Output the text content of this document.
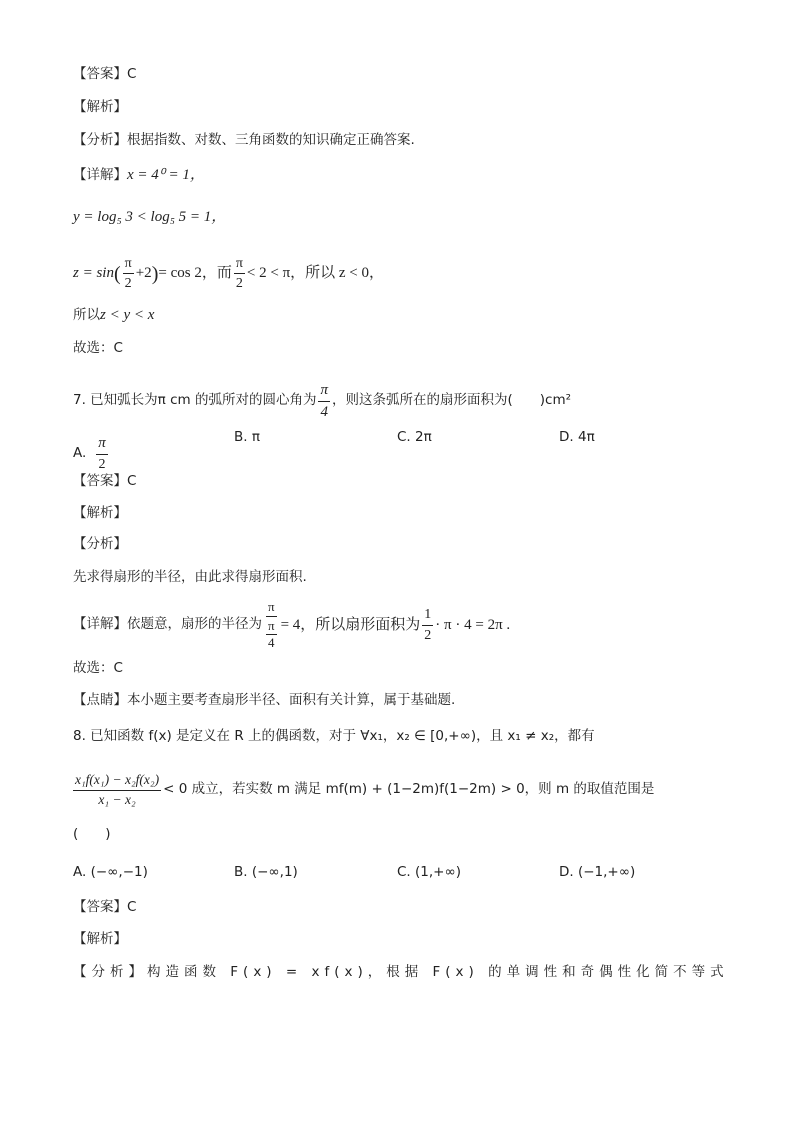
【答案】C
【解析】
【分析】根据指数、对数、三角函数的知识确定正确答案.
【详解】 x = 4⁰ = 1，
y = log₅ 3 < log₅ 5 = 1，
z = sin ( $\frac{\pi}{2} +2$ ) = cos 2，而 $\frac{\pi}{2} < 2 < \pi$，所以 z < 0，
所以 z < y < x
故选：C
7. 已知弧长为 π cm 的弧所对的圆心角为 $\frac{\pi}{4}$ ，则这条弧所在的扇形面积为(　　)cm²
A. $\frac{\pi}{2}$	B. π	C. 2π	D. 4π
【答案】C
【解析】
【分析】
先求得扇形的半径，由此求得扇形面积.
【详解】依题意，扇形的半径为 $\frac{\pi}{\frac{\pi}{4}} = 4$，所以扇形面积为 $\frac{1}{2} \cdot \pi \cdot 4 = 2\pi$ .
故选：C
【点睛】本小题主要考查扇形半径、面积有关计算，属于基础题.
8. 已知函数 f(x) 是定义在 R 上的偶函数，对于 ∀x₁，x₂ ∈ [0,+∞)，且 x₁ ≠ x₂，都有
$\frac{\text{x₁f(x₁) − x₂f(x₂)}}{\text{x₁ − x₂}} < 0$ 成立，若实数 m 满足 mf(m) + (1−2m)f(1−2m) > 0，则 m 的取值范围是
(　　)
A. (−∞,−1)	B. (−∞,1)	C. (1,+∞)	D. (−1,+∞)
【答案】C
【解析】
【分析】构造函数 F(x) = xf(x)，根据 F(x) 的单调性和奇偶性化简不等式
